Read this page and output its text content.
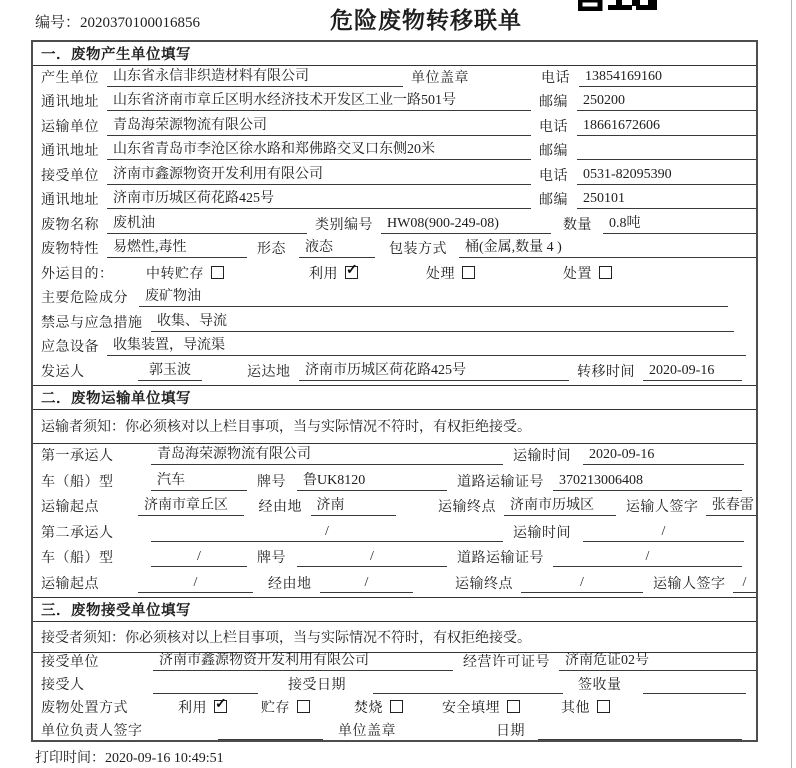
编号：2020370100016856	危险废物转移联单
一．废物产生单位填写
产生单位	山东省永信非织造材料有限公司	单位盖章	电话	13854169160
通讯地址	山东省济南市章丘区明水经济技术开发区工业一路501号	邮编	250200
运输单位	青岛海荣源物流有限公司	电话	18661672606
通讯地址	山东省青岛市李沧区徐水路和郑佛路交叉口东侧20米	邮编
接受单位	济南市鑫源物资开发利用有限公司	电话	0531-82095390
通讯地址	济南市历城区荷花路425号	邮编	250101
废物名称	废机油	类别编号	HW08(900-249-08)	数量	0.8吨
废物特性	易燃性,毒性	形态	液态	包装方式	桶(金属,数量 4 )
外运目的： 中转贮存	利用 ✓	处理	处置
主要危险成分	废矿物油
禁忌与应急措施	收集、导流
应急设备	收集装置，导流渠
发运人	郭玉波	运达地	济南市历城区荷花路425号	转移时间	2020-09-16
二．废物运输单位填写
运输者须知：你必须核对以上栏目事项，当与实际情况不符时，有权拒绝接受。
第一承运人	青岛海荣源物流有限公司	运输时间	2020-09-16
车（船）型	汽车	牌号	鲁UK8120	道路运输证号	370213006408
运输起点	济南市章丘区	经由地	济南	运输终点	济南市历城区	运输人签字 张春雷
第二承运人	/	运输时间	/
车（船）型	/	牌号	/	道路运输证号	/
运输起点	/	经由地	/	运输终点	/	运输人签字	/
三．废物接受单位填写
接受者须知：你必须核对以上栏目事项，当与实际情况不符时，有权拒绝接受。
接受单位	济南市鑫源物资开发利用有限公司	经营许可证号	济南危证02号
接受人	接受日期	签收量
废物处置方式	利用 ✓	贮存	焚烧	安全填埋	其他
单位负责人签字	单位盖章	日期
打印时间：2020-09-16 10:49:51
